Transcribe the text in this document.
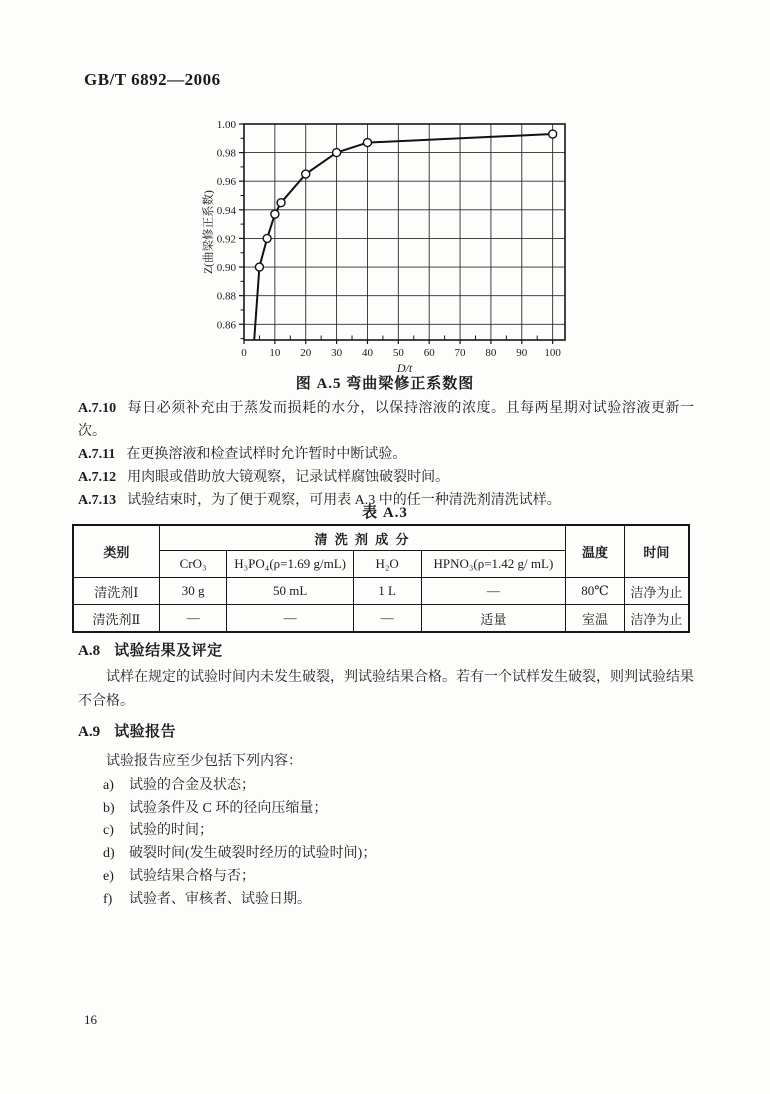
GB/T 6892—2006
0 10 20 30 40 50 60 70 80 90 100
0.86
0.88
0.90
0.92
0.94
0.96
0.98
1.00
D/t
Z(曲梁修正系数)
图 A.5 弯曲梁修正系数图

A.7.10 每日必须补充由于蒸发而损耗的水分，以保持溶液的浓度。且每两星期对试验溶液更新一次。

A.7.11 在更换溶液和检查试样时允许暂时中断试验。

A.7.12 用肉眼或借助放大镜观察，记录试样腐蚀破裂时间。

A.7.13 试验结束时，为了便于观察，可用表 A.3 中的任一种清洗剂清洗试样。

表 A.3
类别	清 洗 剂 成 分				温度	时间
	CrO₃	H₃PO₄(ρ=1.69 g/mL)	H₂O	HPNO₃(ρ=1.42 g/ mL)		
清洗剂Ⅰ	30 g	50 mL	1 L	—	80℃	洁净为止
清洗剂Ⅱ	—	—	—	适量	室温	洁净为止
A.8 试验结果及评定
试样在规定的试验时间内未发生破裂，判试验结果合格。若有一个试样发生破裂，则判试验结果不合格。
A.9 试验报告
试验报告应至少包括下列内容：
a)	试验的合金及状态；
b)	试验条件及 C 环的径向压缩量；
c)	试验的时间；
d)	破裂时间(发生破裂时经历的试验时间)；
e)	试验结果合格与否；
f)	试验者、审核者、试验日期。
16
